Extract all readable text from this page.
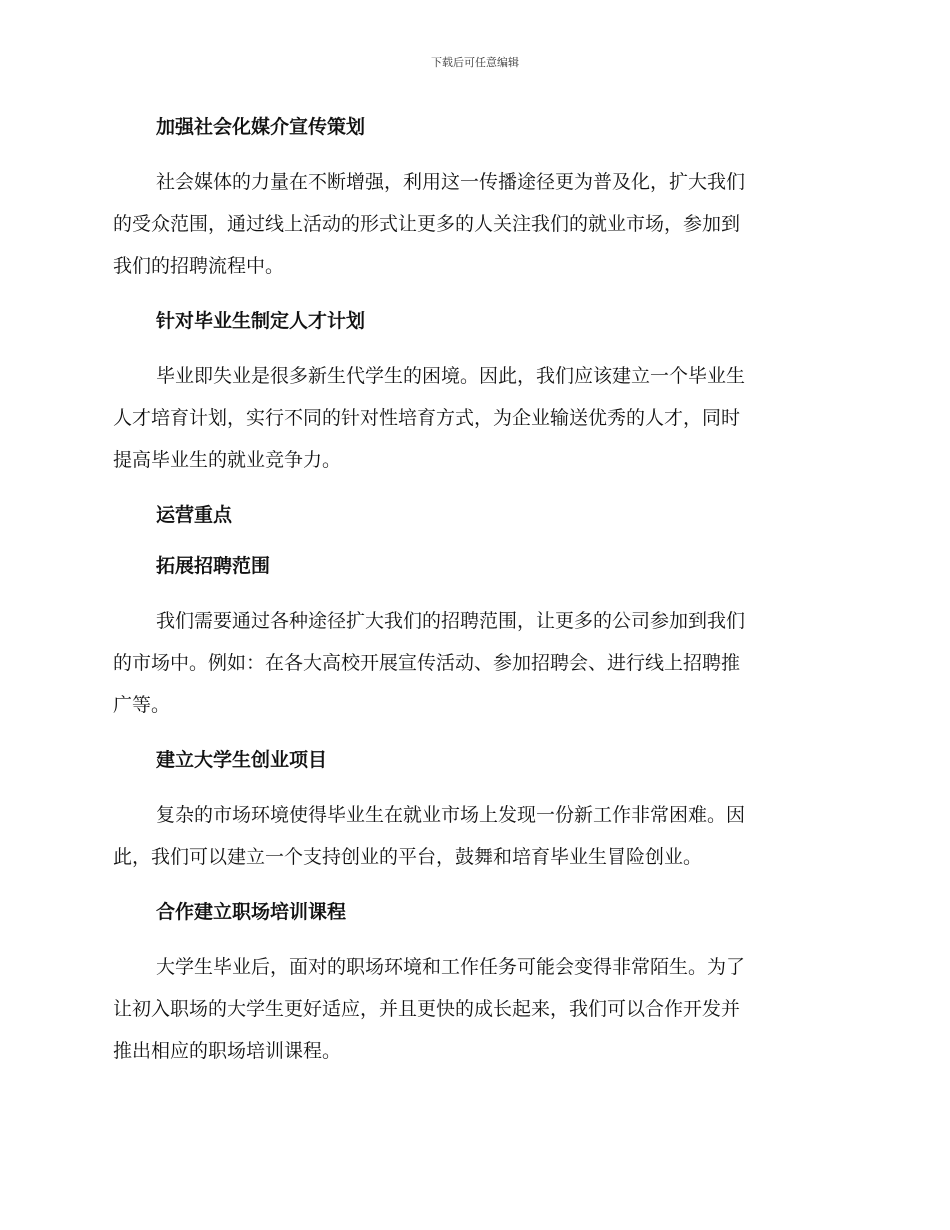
下载后可任意编辑
加强社会化媒介宣传策划
社会媒体的力量在不断增强，利用这一传播途径更为普及化，扩大我们
的受众范围，通过线上活动的形式让更多的人关注我们的就业市场，参加到
我们的招聘流程中。
针对毕业生制定人才计划
毕业即失业是很多新生代学生的困境。因此，我们应该建立一个毕业生
人才培育计划，实行不同的针对性培育方式，为企业输送优秀的人才，同时
提高毕业生的就业竞争力。
运营重点
拓展招聘范围
我们需要通过各种途径扩大我们的招聘范围，让更多的公司参加到我们
的市场中。例如：在各大高校开展宣传活动、参加招聘会、进行线上招聘推
广等。
建立大学生创业项目
复杂的市场环境使得毕业生在就业市场上发现一份新工作非常困难。因
此，我们可以建立一个支持创业的平台，鼓舞和培育毕业生冒险创业。
合作建立职场培训课程
大学生毕业后，面对的职场环境和工作任务可能会变得非常陌生。为了
让初入职场的大学生更好适应，并且更快的成长起来，我们可以合作开发并
推出相应的职场培训课程。
